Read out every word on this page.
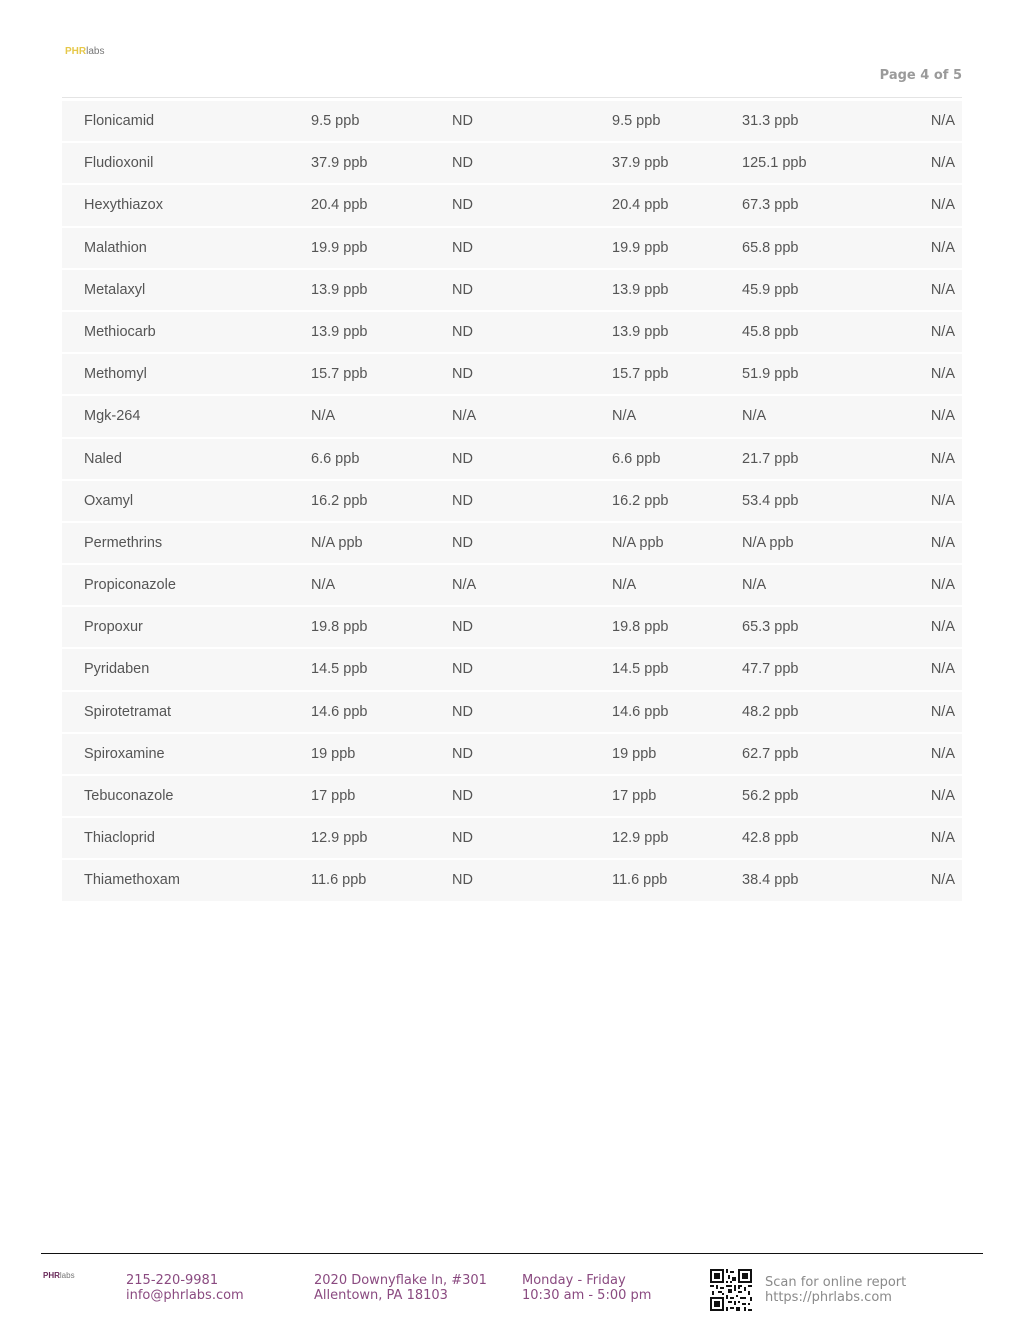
PHRlabs
Page 4 of 5
Flonicamid	9.5 ppb	ND	9.5 ppb	31.3 ppb	N/A
Fludioxonil	37.9 ppb	ND	37.9 ppb	125.1 ppb	N/A
Hexythiazox	20.4 ppb	ND	20.4 ppb	67.3 ppb	N/A
Malathion	19.9 ppb	ND	19.9 ppb	65.8 ppb	N/A
Metalaxyl	13.9 ppb	ND	13.9 ppb	45.9 ppb	N/A
Methiocarb	13.9 ppb	ND	13.9 ppb	45.8 ppb	N/A
Methomyl	15.7 ppb	ND	15.7 ppb	51.9 ppb	N/A
Mgk-264	N/A	N/A	N/A	N/A	N/A
Naled	6.6 ppb	ND	6.6 ppb	21.7 ppb	N/A
Oxamyl	16.2 ppb	ND	16.2 ppb	53.4 ppb	N/A
Permethrins	N/A ppb	ND	N/A ppb	N/A ppb	N/A
Propiconazole	N/A	N/A	N/A	N/A	N/A
Propoxur	19.8 ppb	ND	19.8 ppb	65.3 ppb	N/A
Pyridaben	14.5 ppb	ND	14.5 ppb	47.7 ppb	N/A
Spirotetramat	14.6 ppb	ND	14.6 ppb	48.2 ppb	N/A
Spiroxamine	19 ppb	ND	19 ppb	62.7 ppb	N/A
Tebuconazole	17 ppb	ND	17 ppb	56.2 ppb	N/A
Thiacloprid	12.9 ppb	ND	12.9 ppb	42.8 ppb	N/A
Thiamethoxam	11.6 ppb	ND	11.6 ppb	38.4 ppb	N/A
PHRlabs	215-220-9981
info@phrlabs.com
2020 Downyflake ln, #301
Allentown, PA 18103
Monday - Friday
10:30 am - 5:00 pm
Scan for online report
https://phrlabs.com
